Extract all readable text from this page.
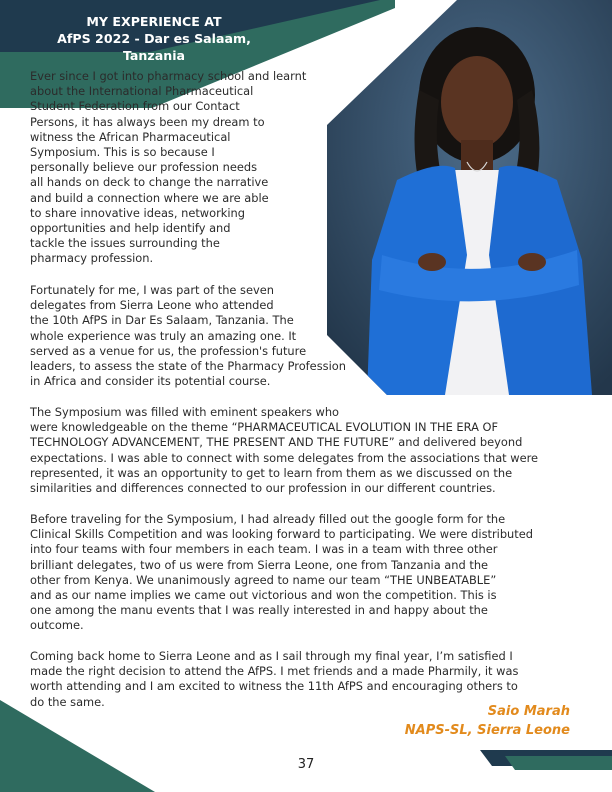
MY EXPERIENCE AT
AfPS 2022 - Dar es Salaam, Tanzania
Ever since I got into pharmacy school and learnt
about the International Pharmaceutical
Student Federation from our Contact
Persons, it has always been my dream to
witness the African Pharmaceutical
Symposium. This is so because I
personally believe our profession needs
all hands on deck to change the narrative
and build a connection where we are able
to share innovative ideas, networking
opportunities and help identify and
tackle the issues surrounding the
pharmacy profession.
Fortunately for me, I was part of the seven
delegates from Sierra Leone who attended
the 10th AfPS in Dar Es Salaam, Tanzania. The
whole experience was truly an amazing one. It
served as a venue for us, the profession's future
leaders, to assess the state of the Pharmacy Profession
in Africa and consider its potential course.
The Symposium was filled with eminent speakers who
were knowledgeable on the theme “PHARMACEUTICAL EVOLUTION IN THE ERA OF
TECHNOLOGY ADVANCEMENT, THE PRESENT AND THE FUTURE” and delivered beyond
expectations. I was able to connect with some delegates from the associations that were
represented, it was an opportunity to get to learn from them as we discussed on the
similarities and differences connected to our profession in our different countries.
Before traveling for the Symposium, I had already filled out the google form for the
Clinical Skills Competition and was looking forward to participating. We were distributed
into four teams with four members in each team. I was in a team with three other
brilliant delegates, two of us were from Sierra Leone, one from Tanzania and the
other from Kenya. We unanimously agreed to name our team “THE UNBEATABLE”
and as our name implies we came out victorious and won the competition. This is
one among the manu events that I was really interested in and happy about the
outcome.
Coming back home to Sierra Leone and as I sail through my final year, I’m satisfied I
made the right decision to attend the AfPS. I met friends and a made Pharmily, it was
worth attending and I am excited to witness the 11th AfPS and encouraging others to
do the same.
Saio Marah
NAPS-SL, Sierra Leone
37
